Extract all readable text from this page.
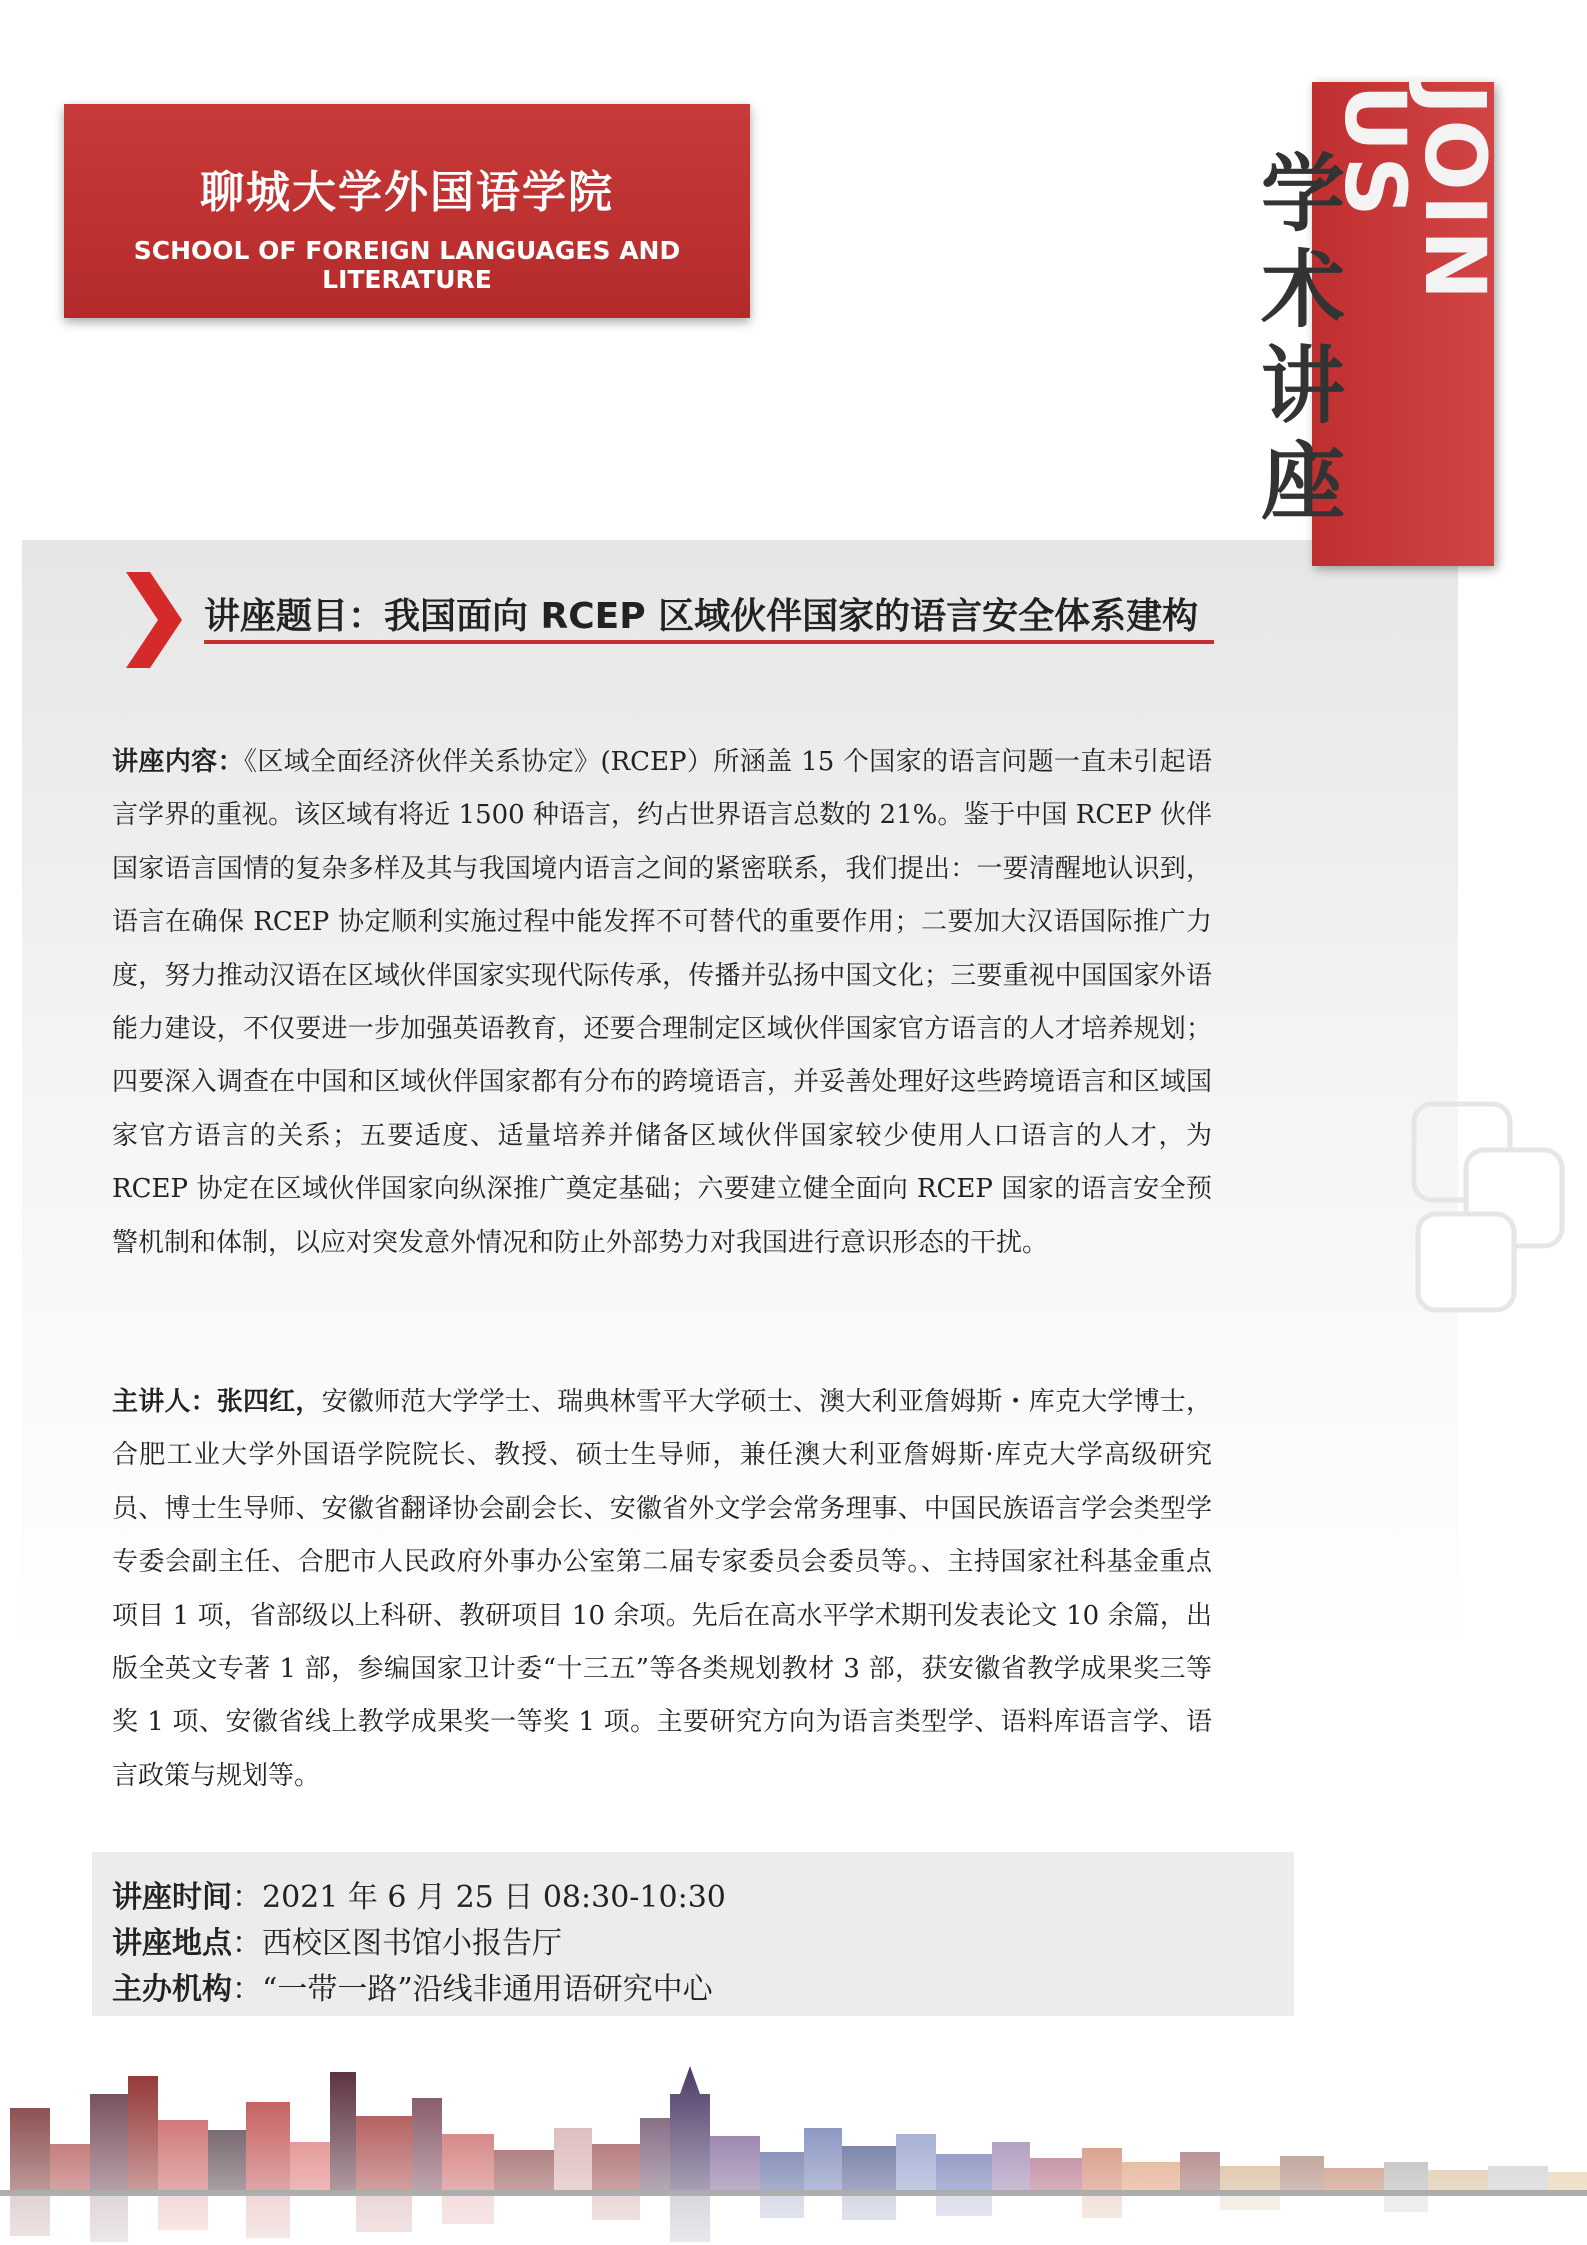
聊城大学外国语学院
SCHOOL OF FOREIGN LANGUAGES AND LITERATURE	JOIN US
学
术
讲
座
讲座题目：我国面向 RCEP 区域伙伴国家的语言安全体系建构
讲座内容：《区域全面经济伙伴关系协定》(RCEP）所涵盖 15 个国家的语言问题一直未引起语言学界的重视。该区域有将近 1500 种语言，约占世界语言总数的 21%。鉴于中国 RCEP 伙伴国家语言国情的复杂多样及其与我国境内语言之间的紧密联系，我们提出：一要清醒地认识到，语言在确保 RCEP 协定顺利实施过程中能发挥不可替代的重要作用；二要加大汉语国际推广力度，努力推动汉语在区域伙伴国家实现代际传承，传播并弘扬中国文化；三要重视中国国家外语能力建设，不仅要进一步加强英语教育，还要合理制定区域伙伴国家官方语言的人才培养规划；四要深入调查在中国和区域伙伴国家都有分布的跨境语言，并妥善处理好这些跨境语言和区域国家官方语言的关系；五要适度、适量培养并储备区域伙伴国家较少使用人口语言的人才，为 RCEP 协定在区域伙伴国家向纵深推广奠定基础；六要建立健全面向 RCEP 国家的语言安全预警机制和体制，以应对突发意外情况和防止外部势力对我国进行意识形态的干扰。
主讲人：张四红，安徽师范大学学士、瑞典林雪平大学硕士、澳大利亚詹姆斯・库克大学博士，合肥工业大学外国语学院院长、教授、硕士生导师，兼任澳大利亚詹姆斯·库克大学高级研究员、博士生导师、安徽省翻译协会副会长、安徽省外文学会常务理事、中国民族语言学会类型学专委会副主任、合肥市人民政府外事办公室第二届专家委员会委员等。、主持国家社科基金重点项目 1 项，省部级以上科研、教研项目 10 余项。先后在高水平学术期刊发表论文 10 余篇，出版全英文专著 1 部，参编国家卫计委“十三五”等各类规划教材 3 部，获安徽省教学成果奖三等奖 1 项、安徽省线上教学成果奖一等奖 1 项。主要研究方向为语言类型学、语料库语言学、语言政策与规划等。
讲座时间：2021 年 6 月 25 日 08:30-10:30
讲座地点：西校区图书馆小报告厅
主办机构：“一带一路”沿线非通用语研究中心
